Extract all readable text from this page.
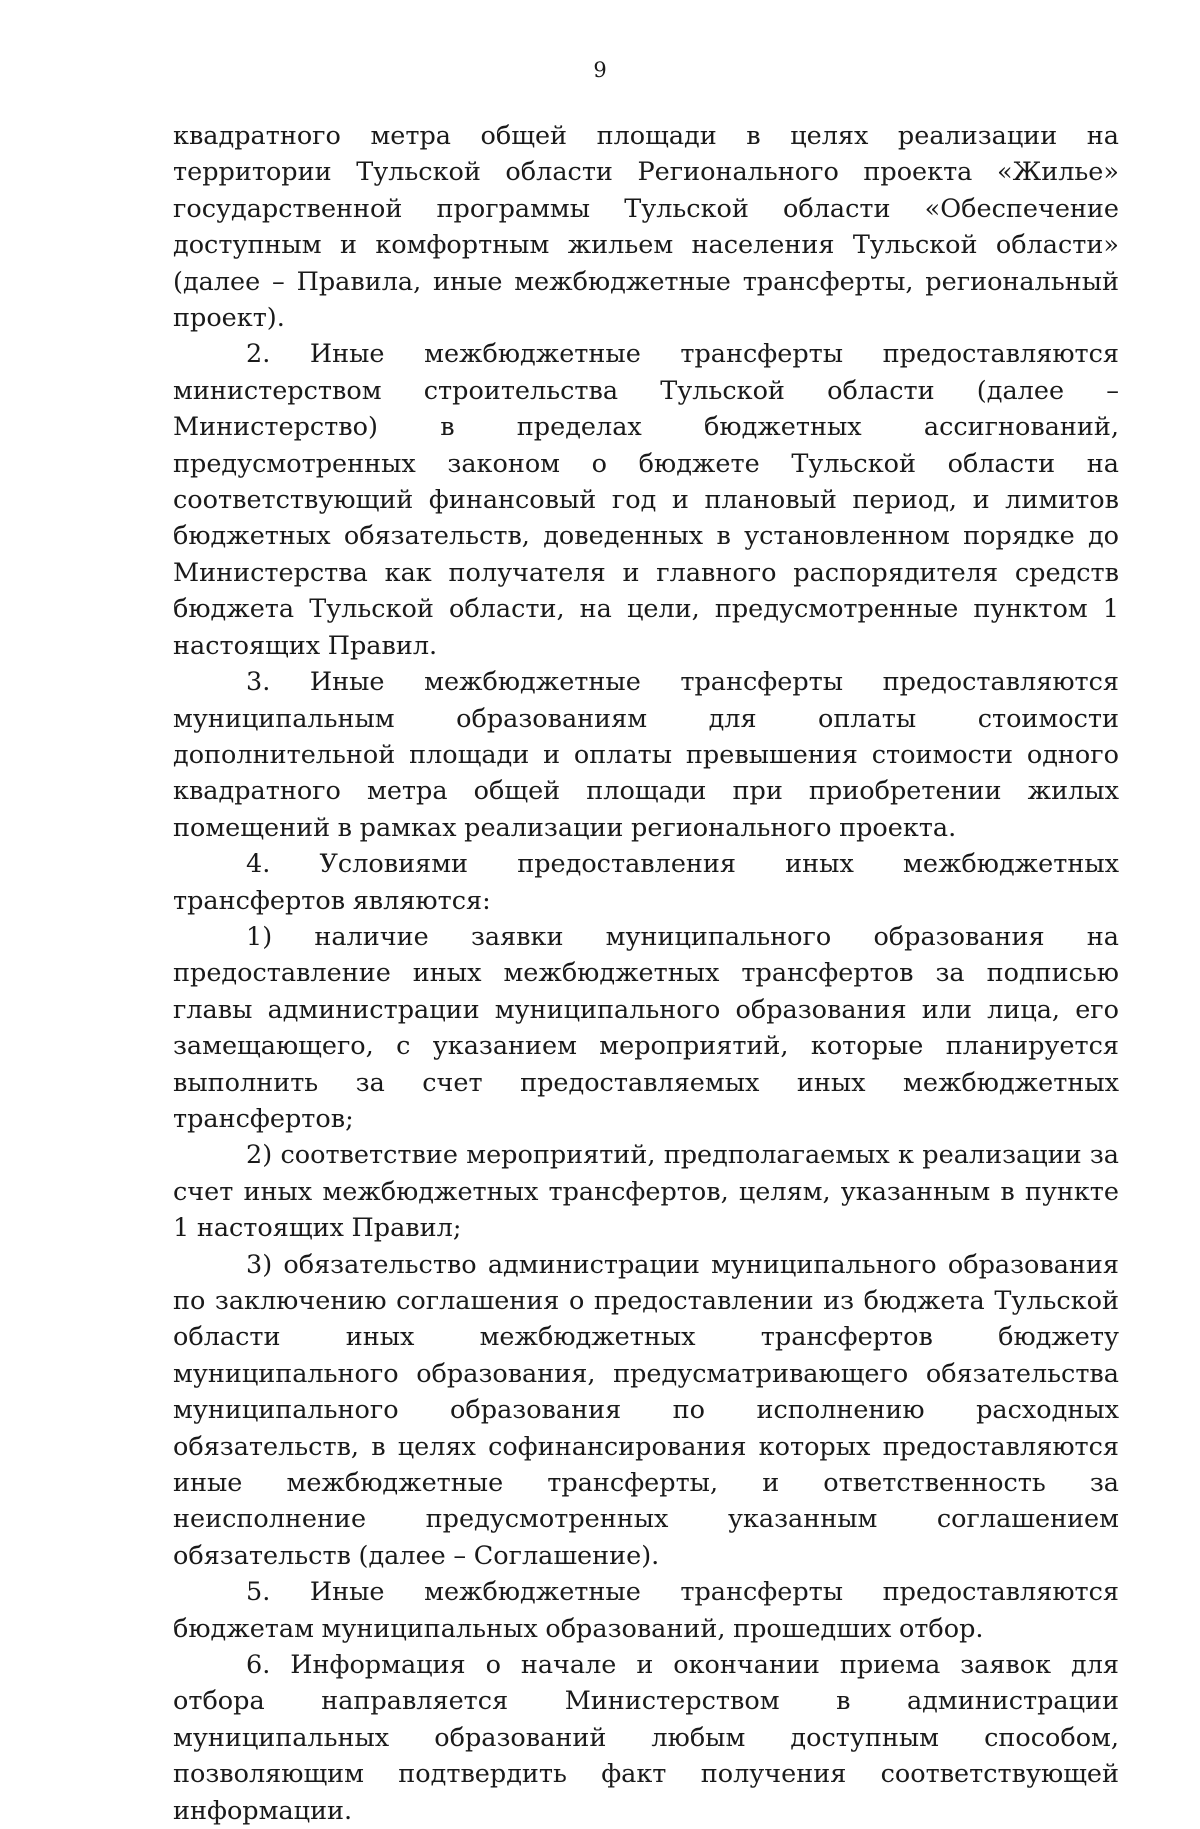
9

квадратного метра общей площади в целях реализации на территории Тульской области Регионального проекта «Жилье» государственной программы Тульской области «Обеспечение доступным и комфортным жильем населения Тульской области» (далее – Правила, иные межбюджетные трансферты, региональный проект).

2. Иные межбюджетные трансферты предоставляются министерством строительства Тульской области (далее – Министерство) в пределах бюджетных ассигнований, предусмотренных законом о бюджете Тульской области на соответствующий финансовый год и плановый период, и лимитов бюджетных обязательств, доведенных в установленном порядке до Министерства как получателя и главного распорядителя средств бюджета Тульской области, на цели, предусмотренные пунктом 1 настоящих Правил.

3. Иные межбюджетные трансферты предоставляются муниципальным образованиям для оплаты стоимости дополнительной площади и оплаты превышения стоимости одного квадратного метра общей площади при приобретении жилых помещений в рамках реализации регионального проекта.

4. Условиями предоставления иных межбюджетных трансфертов являются:

1) наличие заявки муниципального образования на предоставление иных межбюджетных трансфертов за подписью главы администрации муниципального образования или лица, его замещающего, с указанием мероприятий, которые планируется выполнить за счет предоставляемых иных межбюджетных трансфертов;

2) соответствие мероприятий, предполагаемых к реализации за счет иных межбюджетных трансфертов, целям, указанным в пункте 1 настоящих Правил;

3) обязательство администрации муниципального образования по заключению соглашения о предоставлении из бюджета Тульской области иных межбюджетных трансфертов бюджету муниципального образования, предусматривающего обязательства муниципального образования по исполнению расходных обязательств, в целях софинансирования которых предоставляются иные межбюджетные трансферты, и ответственность за неисполнение предусмотренных указанным соглашением обязательств (далее – Соглашение).

5. Иные межбюджетные трансферты предоставляются бюджетам муниципальных образований, прошедших отбор.

6. Информация о начале и окончании приема заявок для отбора направляется Министерством в администрации муниципальных образований любым доступным способом, позволяющим подтвердить факт получения соответствующей информации.
